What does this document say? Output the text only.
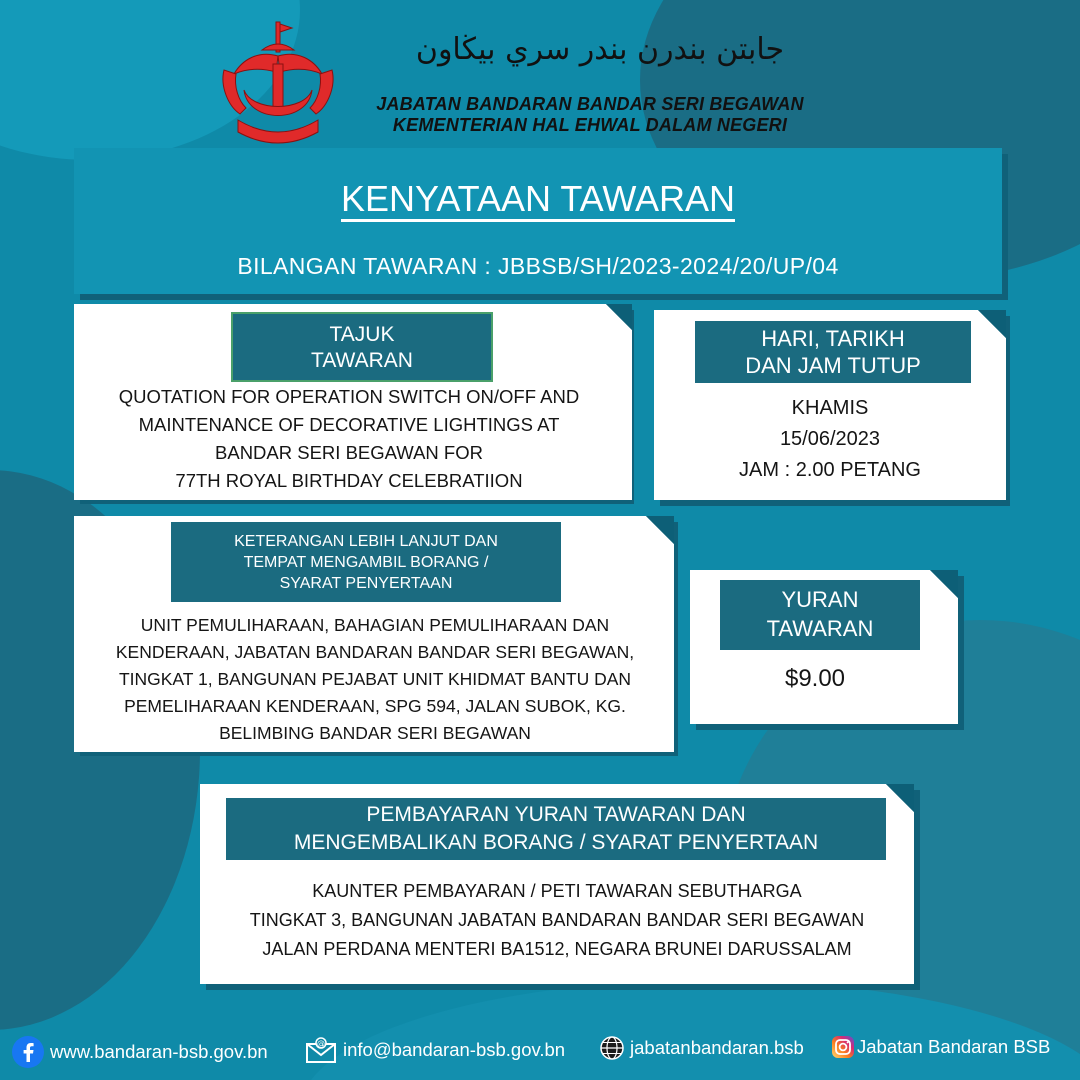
جابتن بندرن بندر سري بيڬاون
JABATAN BANDARAN BANDAR SERI BEGAWAN
KEMENTERIAN HAL EHWAL DALAM NEGERI
KENYATAAN TAWARAN
BILANGAN TAWARAN : JBBSB/SH/2023-2024/20/UP/04
TAJUK
TAWARAN
QUOTATION FOR OPERATION SWITCH ON/OFF AND
MAINTENANCE OF DECORATIVE LIGHTINGS AT
BANDAR SERI BEGAWAN FOR
77TH ROYAL BIRTHDAY CELEBRATIION
HARI, TARIKH
DAN JAM TUTUP
KHAMIS
15/06/2023
JAM : 2.00 PETANG
KETERANGAN LEBIH LANJUT DAN
TEMPAT MENGAMBIL BORANG /
SYARAT PENYERTAAN
UNIT PEMULIHARAAN, BAHAGIAN PEMULIHARAAN DAN
KENDERAAN, JABATAN BANDARAN BANDAR SERI BEGAWAN,
TINGKAT 1, BANGUNAN PEJABAT UNIT KHIDMAT BANTU DAN
PEMELIHARAAN KENDERAAN, SPG 594, JALAN SUBOK, KG.
BELIMBING BANDAR SERI BEGAWAN
YURAN
TAWARAN
$9.00
PEMBAYARAN YURAN TAWARAN DAN
MENGEMBALIKAN BORANG / SYARAT PENYERTAAN
KAUNTER PEMBAYARAN / PETI TAWARAN SEBUTHARGA
TINGKAT 3, BANGUNAN JABATAN BANDARAN BANDAR SERI BEGAWAN
JALAN PERDANA MENTERI BA1512, NEGARA BRUNEI DARUSSALAM
www.bandaran-bsb.gov.bn	@ info@bandaran-bsb.gov.bn	jabatanbandaran.bsb	Jabatan Bandaran BSB
